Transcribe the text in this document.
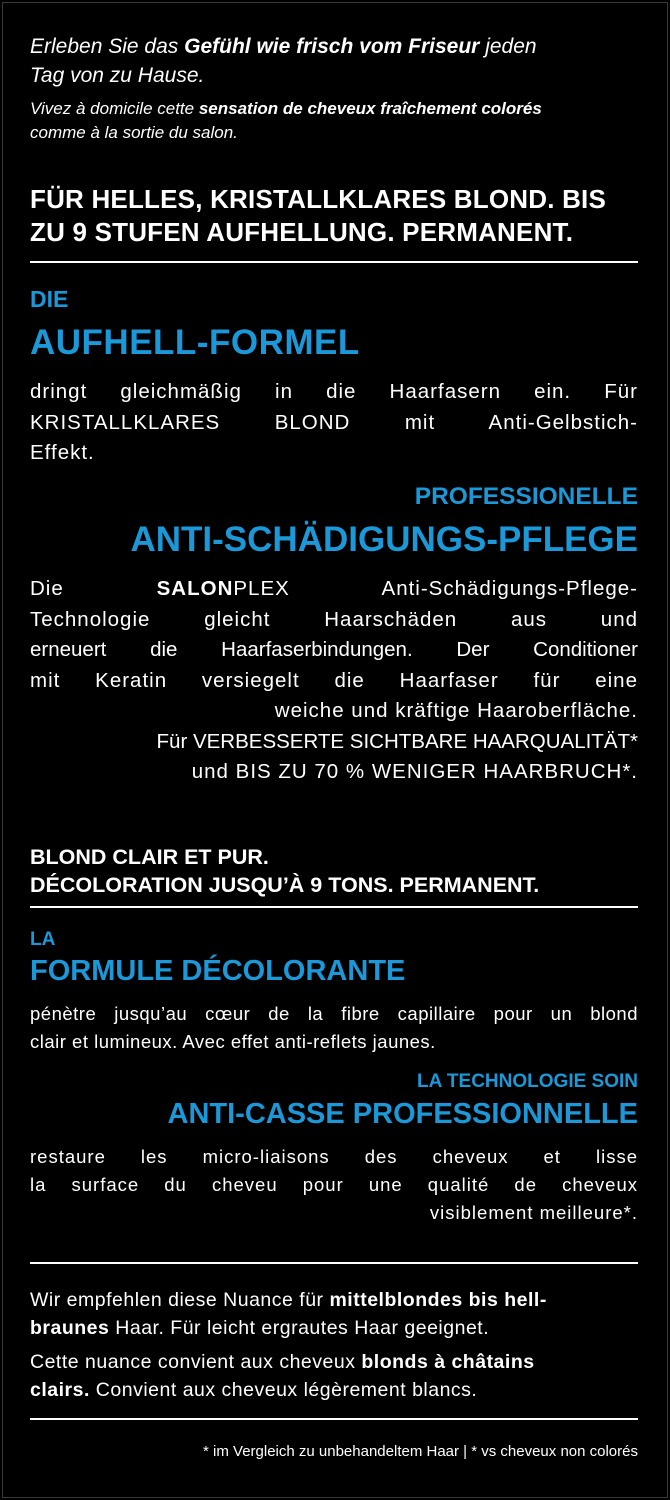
Erleben Sie das Gefühl wie frisch vom Friseur jeden
Tag von zu Hause.
Vivez à domicile cette sensation de cheveux fraîchement colorés
comme à la sortie du salon.
FÜR HELLES, KRISTALLKLARES BLOND. BIS
ZU 9 STUFEN AUFHELLUNG. PERMANENT.
DIE
AUFHELL-FORMEL
dringt gleichmäßig in die Haarfasern ein. Für
KRISTALLKLARES BLOND mit Anti-Gelbstich-
Effekt.
PROFESSIONELLE
ANTI-SCHÄDIGUNGS-PFLEGE
Die SALONPLEX Anti-Schädigungs-Pflege-
Technologie gleicht Haarschäden aus und
erneuert die Haarfaserbindungen. Der Conditioner
mit Keratin versiegelt die Haarfaser für eine
weiche und kräftige Haaroberfläche.
Für VERBESSERTE SICHTBARE HAARQUALITÄT*
und BIS ZU 70 % WENIGER HAARBRUCH*.
BLOND CLAIR ET PUR.
DÉCOLORATION JUSQU’À 9 TONS. PERMANENT.
LA
FORMULE DÉCOLORANTE
pénètre jusqu’au cœur de la fibre capillaire pour un blond
clair et lumineux. Avec effet anti-reflets jaunes.
LA TECHNOLOGIE SOIN
ANTI-CASSE PROFESSIONNELLE
restaure les micro-liaisons des cheveux et lisse
la surface du cheveu pour une qualité de cheveux
visiblement meilleure*.
Wir empfehlen diese Nuance für mittelblondes bis hell-
braunes Haar. Für leicht ergrautes Haar geeignet.
Cette nuance convient aux cheveux blonds à châtains
clairs. Convient aux cheveux légèrement blancs.
* im Vergleich zu unbehandeltem Haar | * vs cheveux non colorés
